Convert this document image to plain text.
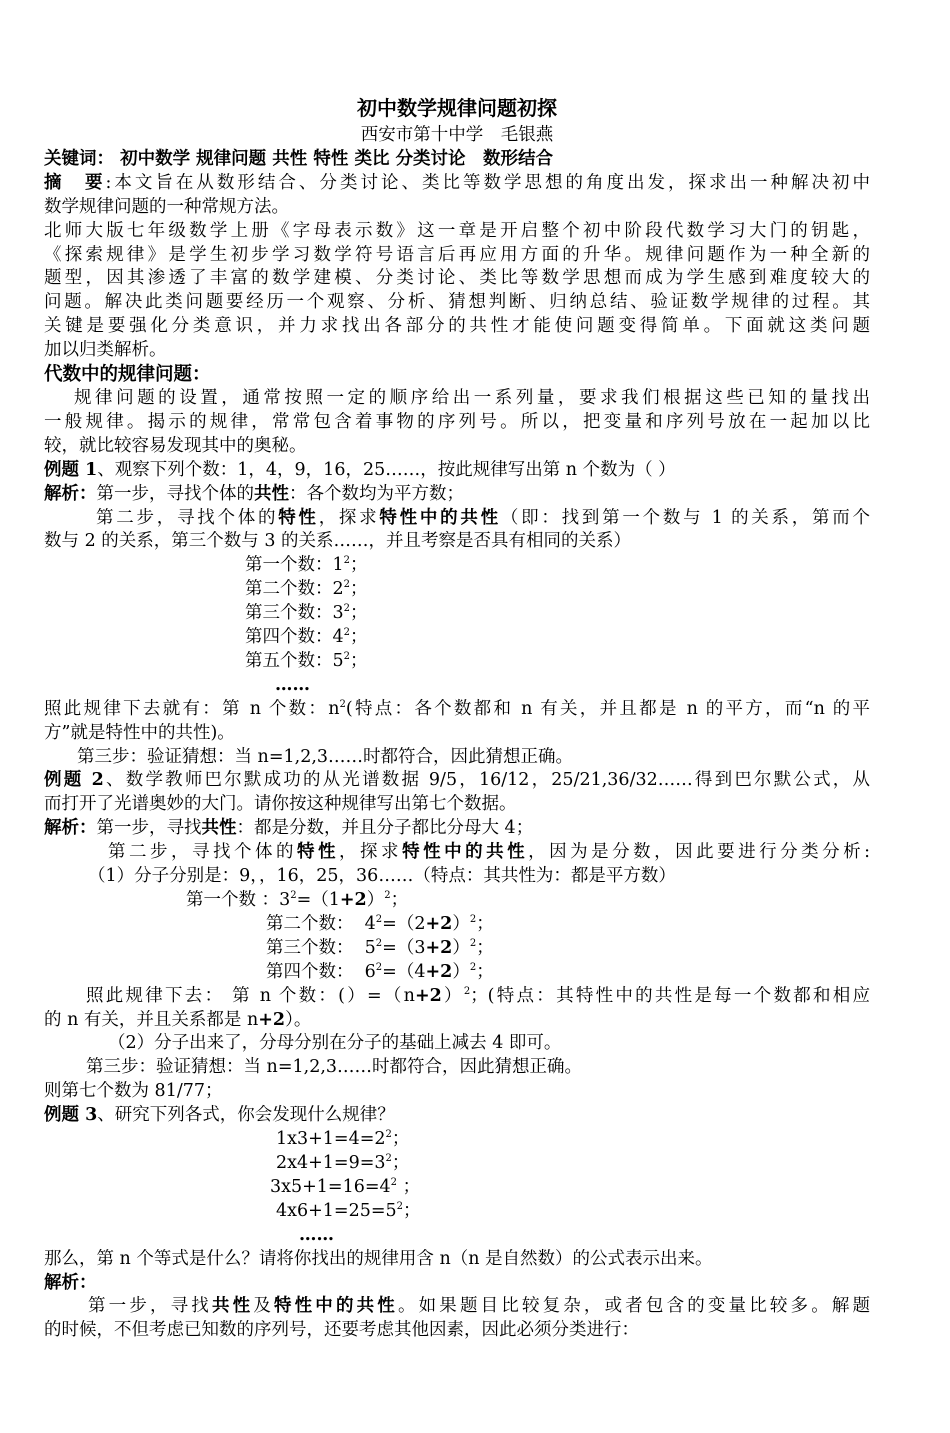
初中数学规律问题初探
西安市第十中学　毛银燕
关键词： 初中数学 规律问题 共性 特性 类比 分类讨论　数形结合
摘　要:本文旨在从数形结合、分类讨论、类比等数学思想的角度出发，探求出一种解决初中
数学规律问题的一种常规方法。
北师大版七年级数学上册《字母表示数》这一章是开启整个初中阶段代数学习大门的钥匙，
《探索规律》是学生初步学习数学符号语言后再应用方面的升华。规律问题作为一种全新的
题型，因其渗透了丰富的数学建模、分类讨论、类比等数学思想而成为学生感到难度较大的
问题。解决此类问题要经历一个观察、分析、猜想判断、归纳总结、验证数学规律的过程。其
关键是要强化分类意识，并力求找出各部分的共性才能使问题变得简单。下面就这类问题
加以归类解析。
代数中的规律问题：
规律问题的设置，通常按照一定的顺序给出一系列量，要求我们根据这些已知的量找出
一般规律。揭示的规律，常常包含着事物的序列号。所以，把变量和序列号放在一起加以比
较，就比较容易发现其中的奥秘。
例题 1、观察下列个数：1，4，9，16，25……，按此规律写出第 n 个数为（ ）
解析：第一步，寻找个体的共性：各个数均为平方数；
第二步，寻找个体的特性，探求特性中的共性（即：找到第一个数与 1 的关系，第而个
数与 2 的关系，第三个数与 3 的关系……，并且考察是否具有相同的关系）
第一个数：$1^2$；
第二个数：$2^2$；
第三个数：$3^2$；
第四个数：$4^2$；
第五个数：$5^2$；
……
照此规律下去就有：第 n 个数：$n^2$(特点：各个数都和 n 有关，并且都是 n 的平方，而“n 的平
方”就是特性中的共性)。
第三步：验证猜想：当 n=1,2,3……时都符合，因此猜想正确。
例题 2、数学教师巴尔默成功的从光谱数据 9/5，16/12，25/21,36/32……得到巴尔默公式，从
而打开了光谱奥妙的大门。请你按这种规律写出第七个数据。
解析：第一步，寻找共性：都是分数，并且分子都比分母大 4；
第二步，寻找个体的特性，探求特性中的共性，因为是分数，因此要进行分类分析:
（1）分子分别是：9，，16，25，36……（特点：其共性为：都是平方数）
第一个数 ：$3^2=(1+2)^2$；
第二个数：  $4^2=(2+2)^2$；
第三个数：  $5^2=(3+2)^2$；
第四个数：  $6^2=(4+2)^2$；
照此规律下去： 第 n 个数：$()=(n+2)^2$；(特点：其特性中的共性是每一个数都和相应
的 n 有关，并且关系都是 n+2）。
（2）分子出来了，分母分别在分子的基础上减去 4 即可。
第三步：验证猜想：当 n=1,2,3……时都符合，因此猜想正确。
则第七个数为 81/77；
例题 3、研究下列各式，你会发现什么规律？
$1x3+1=4=2^2$；
$2x4+1=9=3^2$；
$3x5+1=16=4^2$ ；
$4x6+1=25=5^2$；
……
那么，第 n 个等式是什么？请将你找出的规律用含 n（n 是自然数）的公式表示出来。
解析：
第一步，寻找共性及特性中的共性。如果题目比较复杂，或者包含的变量比较多。解题
的时候，不但考虑已知数的序列号，还要考虑其他因素，因此必须分类进行：
